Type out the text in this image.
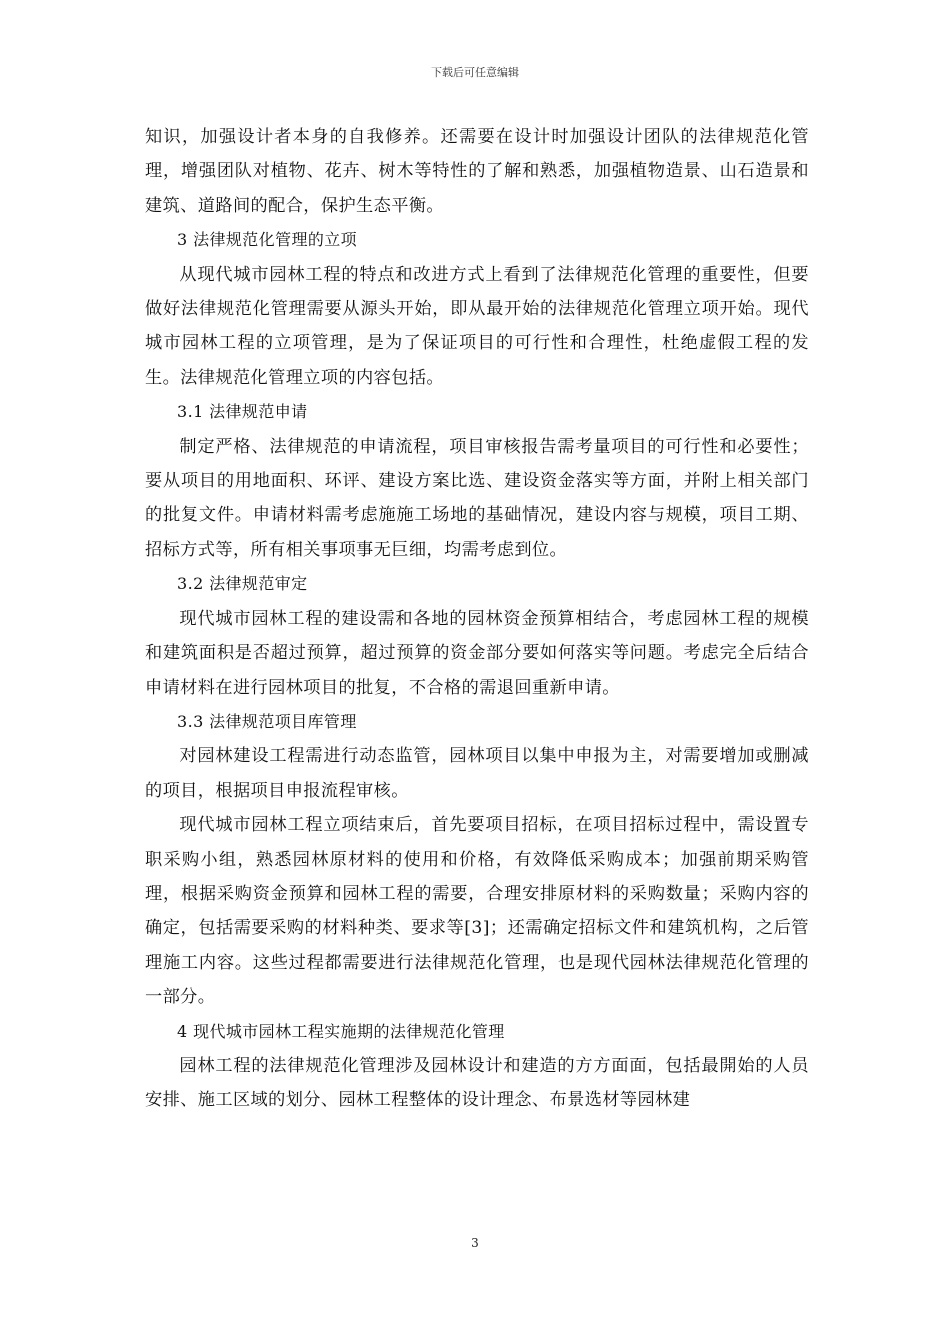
下载后可任意编辑

知识，加强设计者本身的自我修养。还需要在设计时加强设计团队的法律规范化管理，增强团队对植物、花卉、树木等特性的了解和熟悉，加强植物造景、山石造景和建筑、道路间的配合，保护生态平衡。

3 法律规范化管理的立项

从现代城市园林工程的特点和改进方式上看到了法律规范化管理的重要性，但要做好法律规范化管理需要从源头开始，即从最开始的法律规范化管理立项开始。现代城市园林工程的立项管理，是为了保证项目的可行性和合理性，杜绝虚假工程的发生。法律规范化管理立项的内容包括。

3.1 法律规范申请

制定严格、法律规范的申请流程，项目审核报告需考量项目的可行性和必要性；要从项目的用地面积、环评、建设方案比选、建设资金落实等方面，并附上相关部门的批复文件。申请材料需考虑施施工场地的基础情况，建设内容与规模，项目工期、招标方式等，所有相关事项事无巨细，均需考虑到位。

3.2 法律规范审定

现代城市园林工程的建设需和各地的园林资金预算相结合，考虑园林工程的规模和建筑面积是否超过预算，超过预算的资金部分要如何落实等问题。考虑完全后结合申请材料在进行园林项目的批复，不合格的需退回重新申请。

3.3 法律规范项目库管理

对园林建设工程需进行动态监管，园林项目以集中申报为主，对需要增加或删减的项目，根据项目申报流程审核。

现代城市园林工程立项结束后，首先要项目招标，在项目招标过程中，需设置专职采购小组，熟悉园林原材料的使用和价格，有效降低采购成本；加强前期采购管理，根据采购资金预算和园林工程的需要，合理安排原材料的采购数量；采购内容的确定，包括需要采购的材料种类、要求等[3]；还需确定招标文件和建筑机构，之后管理施工内容。这些过程都需要进行法律规范化管理，也是现代园林法律规范化管理的一部分。

4 现代城市园林工程实施期的法律规范化管理

园林工程的法律规范化管理涉及园林设计和建造的方方面面，包括最開始的人员安排、施工区域的划分、园林工程整体的设计理念、布景选材等园林建

3
